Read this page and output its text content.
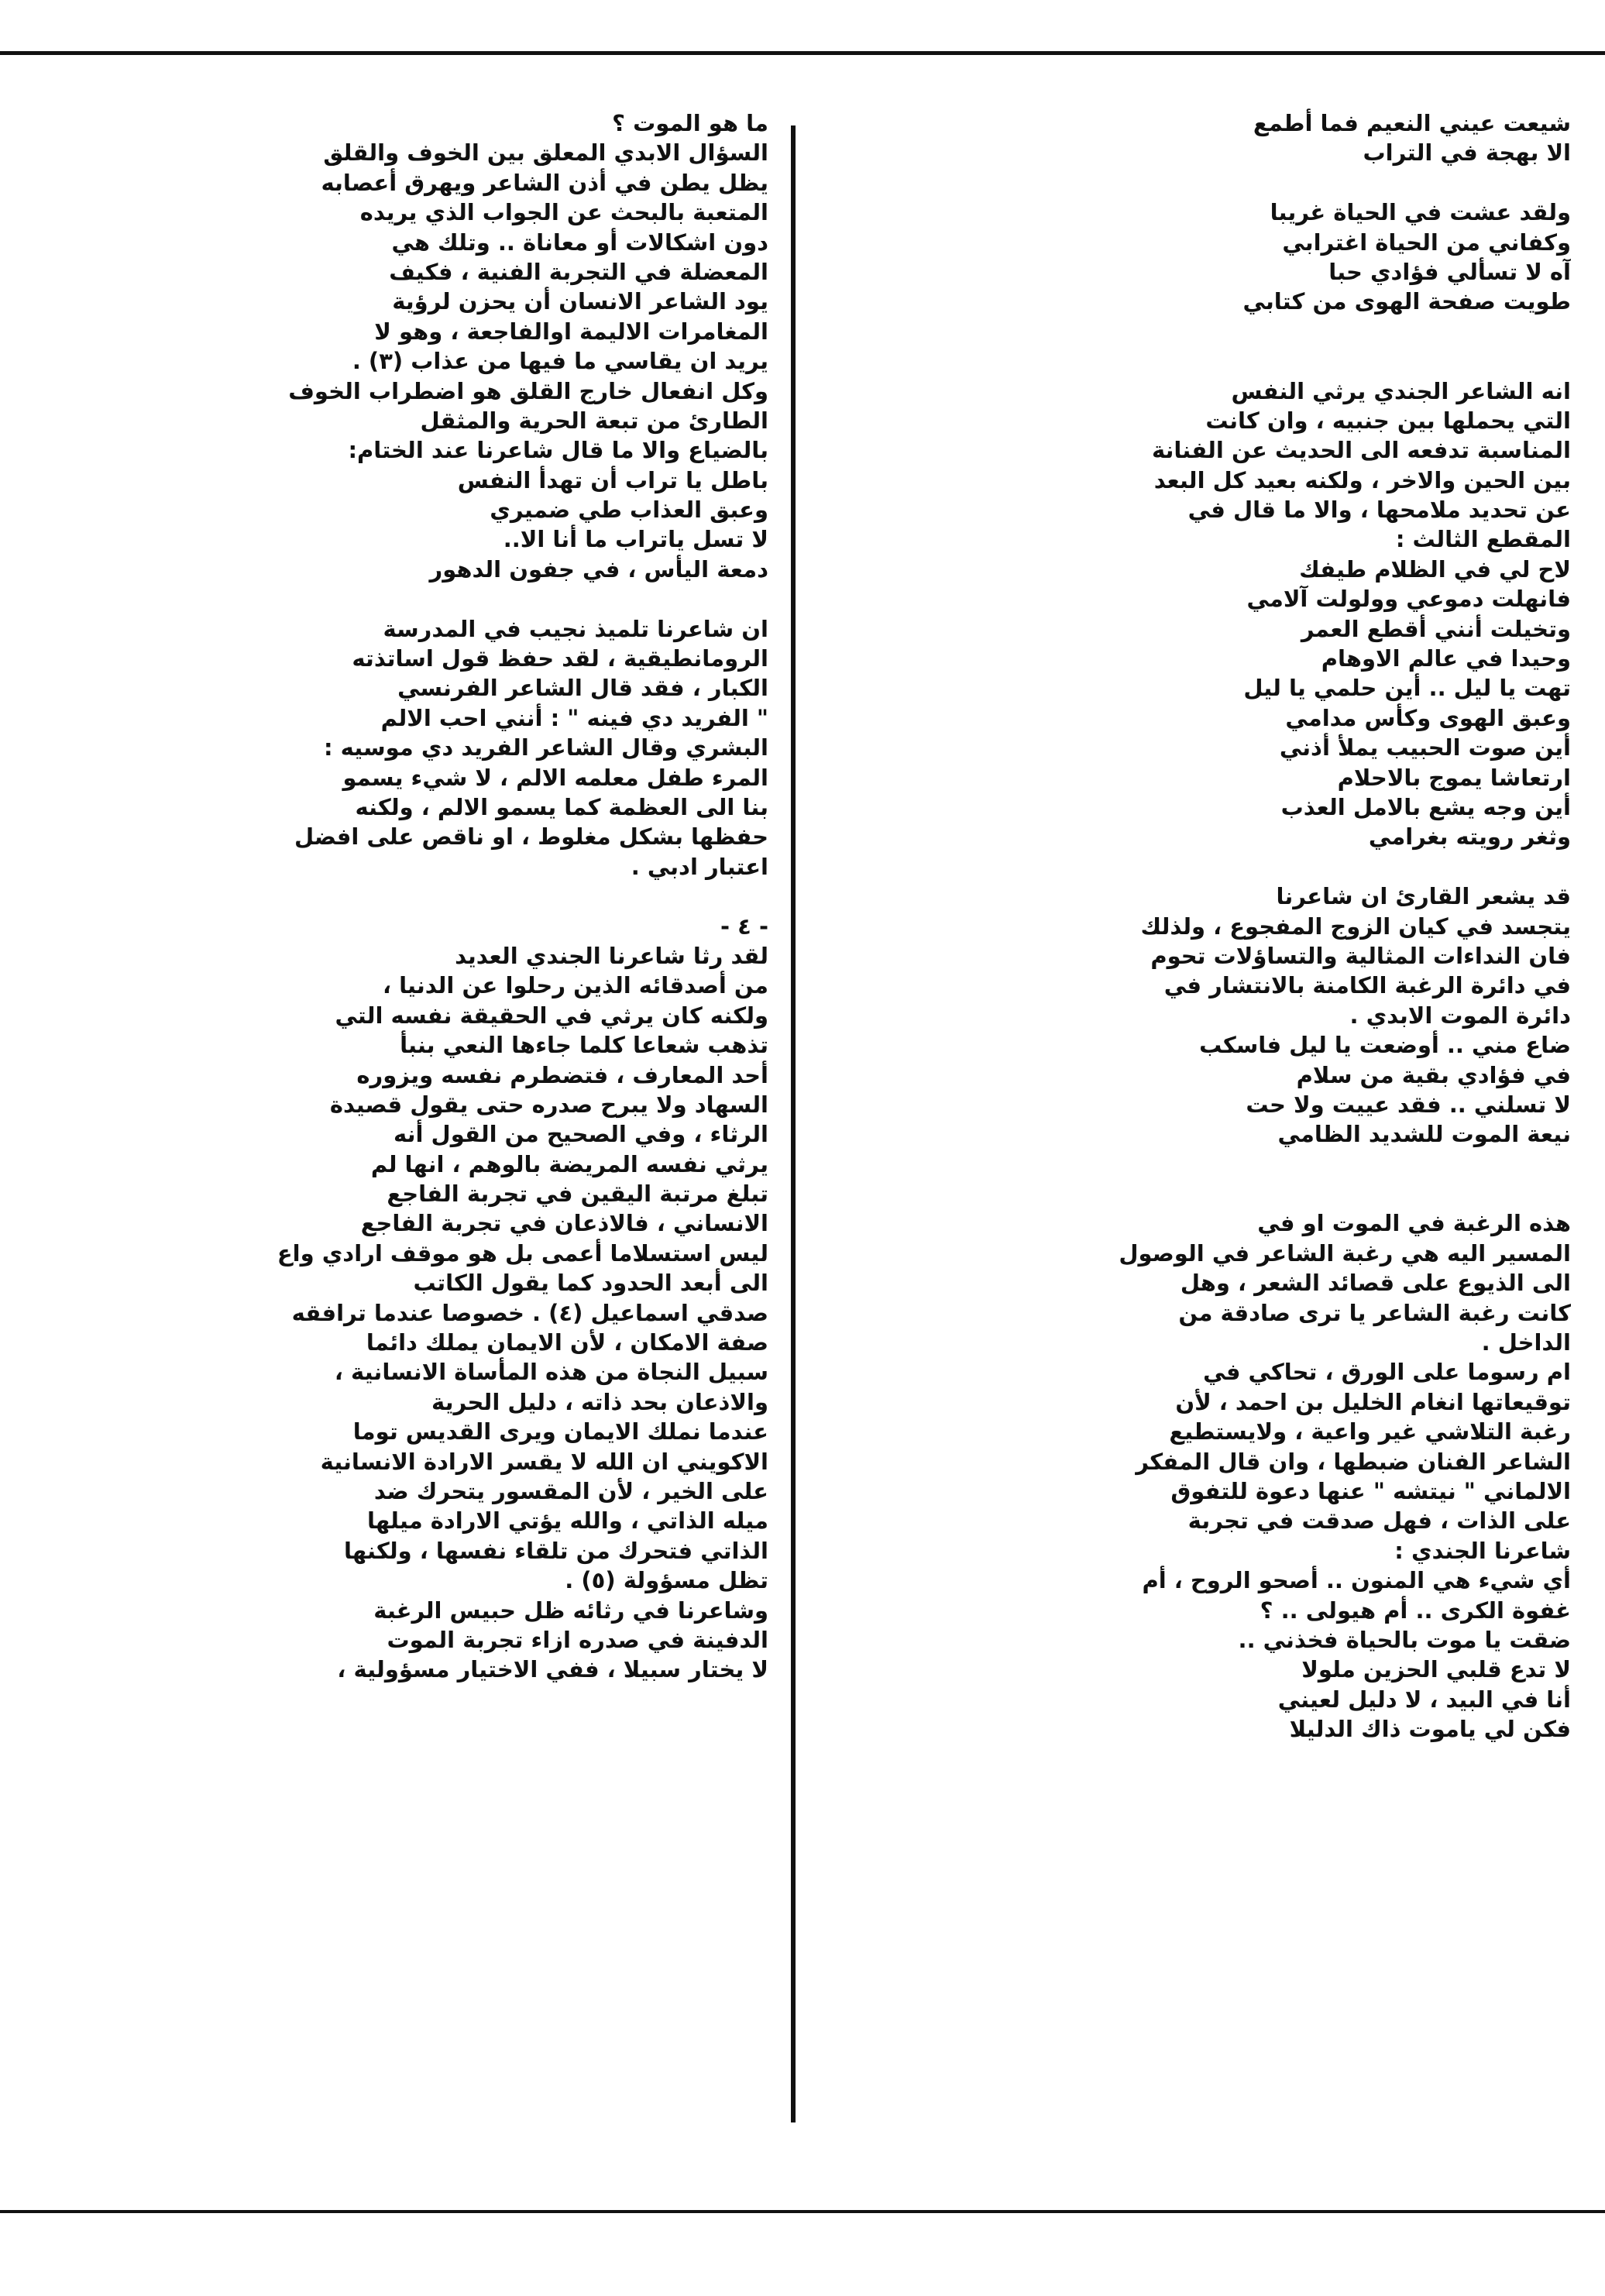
شيعت عيني النعيم فما أطمع
الا بهجة في التراب
ولقد عشت في الحياة غريبا
وكفاني من الحياة اغترابي
آه لا تسألي فؤادي حبا
طويت صفحة الهوى من كتابي
انه الشاعر الجندي يرثي النفس
التي يحملها بين جنبيه ، وان كانت
المناسبة تدفعه الى الحديث عن الفنانة
بين الحين والاخر ، ولكنه بعيد كل البعد
عن تحديد ملامحها ، والا ما قال في
المقطع الثالث :
لاح لي في الظلام طيفك
فانهلت دموعي وولولت آلامي
وتخيلت أنني أقطع العمر
وحيدا في عالم الاوهام
تهت يا ليل .. أين حلمي يا ليل
وعبق الهوى وكأس مدامي
أين صوت الحبيب يملأ أذني
ارتعاشا يموج بالاحلام
أين وجه يشع بالامل العذب
وثغر رويته بغرامي
قد يشعر القارئ ان شاعرنا
يتجسد في كيان الزوج المفجوع ، ولذلك
فان النداءات المثالية والتساؤلات تحوم
في دائرة الرغبة الكامنة بالانتشار في
دائرة الموت الابدي .
ضاع مني .. أوضعت يا ليل فاسكب
في فؤادي بقية من سلام
لا تسلني .. فقد عييت ولا حت
نيعة الموت للشديد الظامي
هذه الرغبة في الموت او في
المسير اليه هي رغبة الشاعر في الوصول
الى الذيوع على قصائد الشعر ، وهل
كانت رغبة الشاعر يا ترى صادقة من
الداخل .
ام رسوما على الورق ، تحاكي في
توقيعاتها انغام الخليل بن احمد ، لأن
رغبة التلاشي غير واعية ، ولايستطيع
الشاعر الفنان ضبطها ، وان قال المفكر
الالماني " نيتشه " عنها دعوة للتفوق
على الذات ، فهل صدقت في تجربة
شاعرنا الجندي :
أي شيء هي المنون .. أصحو الروح ، أم
غفوة الكرى .. أم هيولى .. ؟
ضقت يا موت بالحياة فخذني ..
لا تدع قلبي الحزين ملولا
أنا في البيد ، لا دليل لعيني
فكن لي ياموت ذاك الدليلا
ما هو الموت ؟
السؤال الابدي المعلق بين الخوف والقلق
يظل يطن في أذن الشاعر ويهرق أعصابه
المتعبة بالبحث عن الجواب الذي يريده
دون اشكالات أو معاناة .. وتلك هي
المعضلة في التجربة الفنية ، فكيف
يود الشاعر الانسان أن يحزن لرؤية
المغامرات الاليمة اوالفاجعة ، وهو لا
يريد ان يقاسي ما فيها من عذاب (٣) .
وكل انفعال خارج القلق هو اضطراب الخوف
الطارئ من تبعة الحرية والمثقل
بالضياع والا ما قال شاعرنا عند الختام:
باطل يا تراب أن تهدأ النفس
وعبق العذاب طي ضميري
لا تسل ياتراب ما أنا الا..
دمعة اليأس ، في جفون الدهور
ان شاعرنا تلميذ نجيب في المدرسة
الرومانطيقية ، لقد حفظ قول اساتذته
الكبار ، فقد قال الشاعر الفرنسي
" الفريد دي فينه " : أنني احب الالم
البشري وقال الشاعر الفريد دي موسيه :
المرء طفل معلمه الالم ، لا شيء يسمو
بنا الى العظمة كما يسمو الالم ، ولكنه
حفظها بشكل مغلوط ، او ناقص على افضل
اعتبار ادبي .
- ٤ -
لقد رثا شاعرنا الجندي العديد
من أصدقائه الذين رحلوا عن الدنيا ،
ولكنه كان يرثي في الحقيقة نفسه التي
تذهب شعاعا كلما جاءها النعي بنبأ
أحد المعارف ، فتضطرم نفسه ويزوره
السهاد ولا يبرح صدره حتى يقول قصيدة
الرثاء ، وفي الصحيح من القول أنه
يرثي نفسه المريضة بالوهم ، انها لم
تبلغ مرتبة اليقين في تجربة الفاجع
الانساني ، فالاذعان في تجربة الفاجع
ليس استسلاما أعمى بل هو موقف ارادي واع
الى أبعد الحدود كما يقول الكاتب
صدقي اسماعيل (٤) . خصوصا عندما ترافقه
صفة الامكان ، لأن الايمان يملك دائما
سبيل النجاة من هذه المأساة الانسانية ،
والاذعان بحد ذاته ، دليل الحرية
عندما نملك الايمان ويرى القديس توما
الاكويني ان الله لا يقسر الارادة الانسانية
على الخير ، لأن المقسور يتحرك ضد
ميله الذاتي ، والله يؤتي الارادة ميلها
الذاتي فتحرك من تلقاء نفسها ، ولكنها
تظل مسؤولة (٥) .
وشاعرنا في رثائه ظل حبيس الرغبة
الدفينة في صدره ازاء تجربة الموت
لا يختار سبيلا ، ففي الاختيار مسؤولية ،
